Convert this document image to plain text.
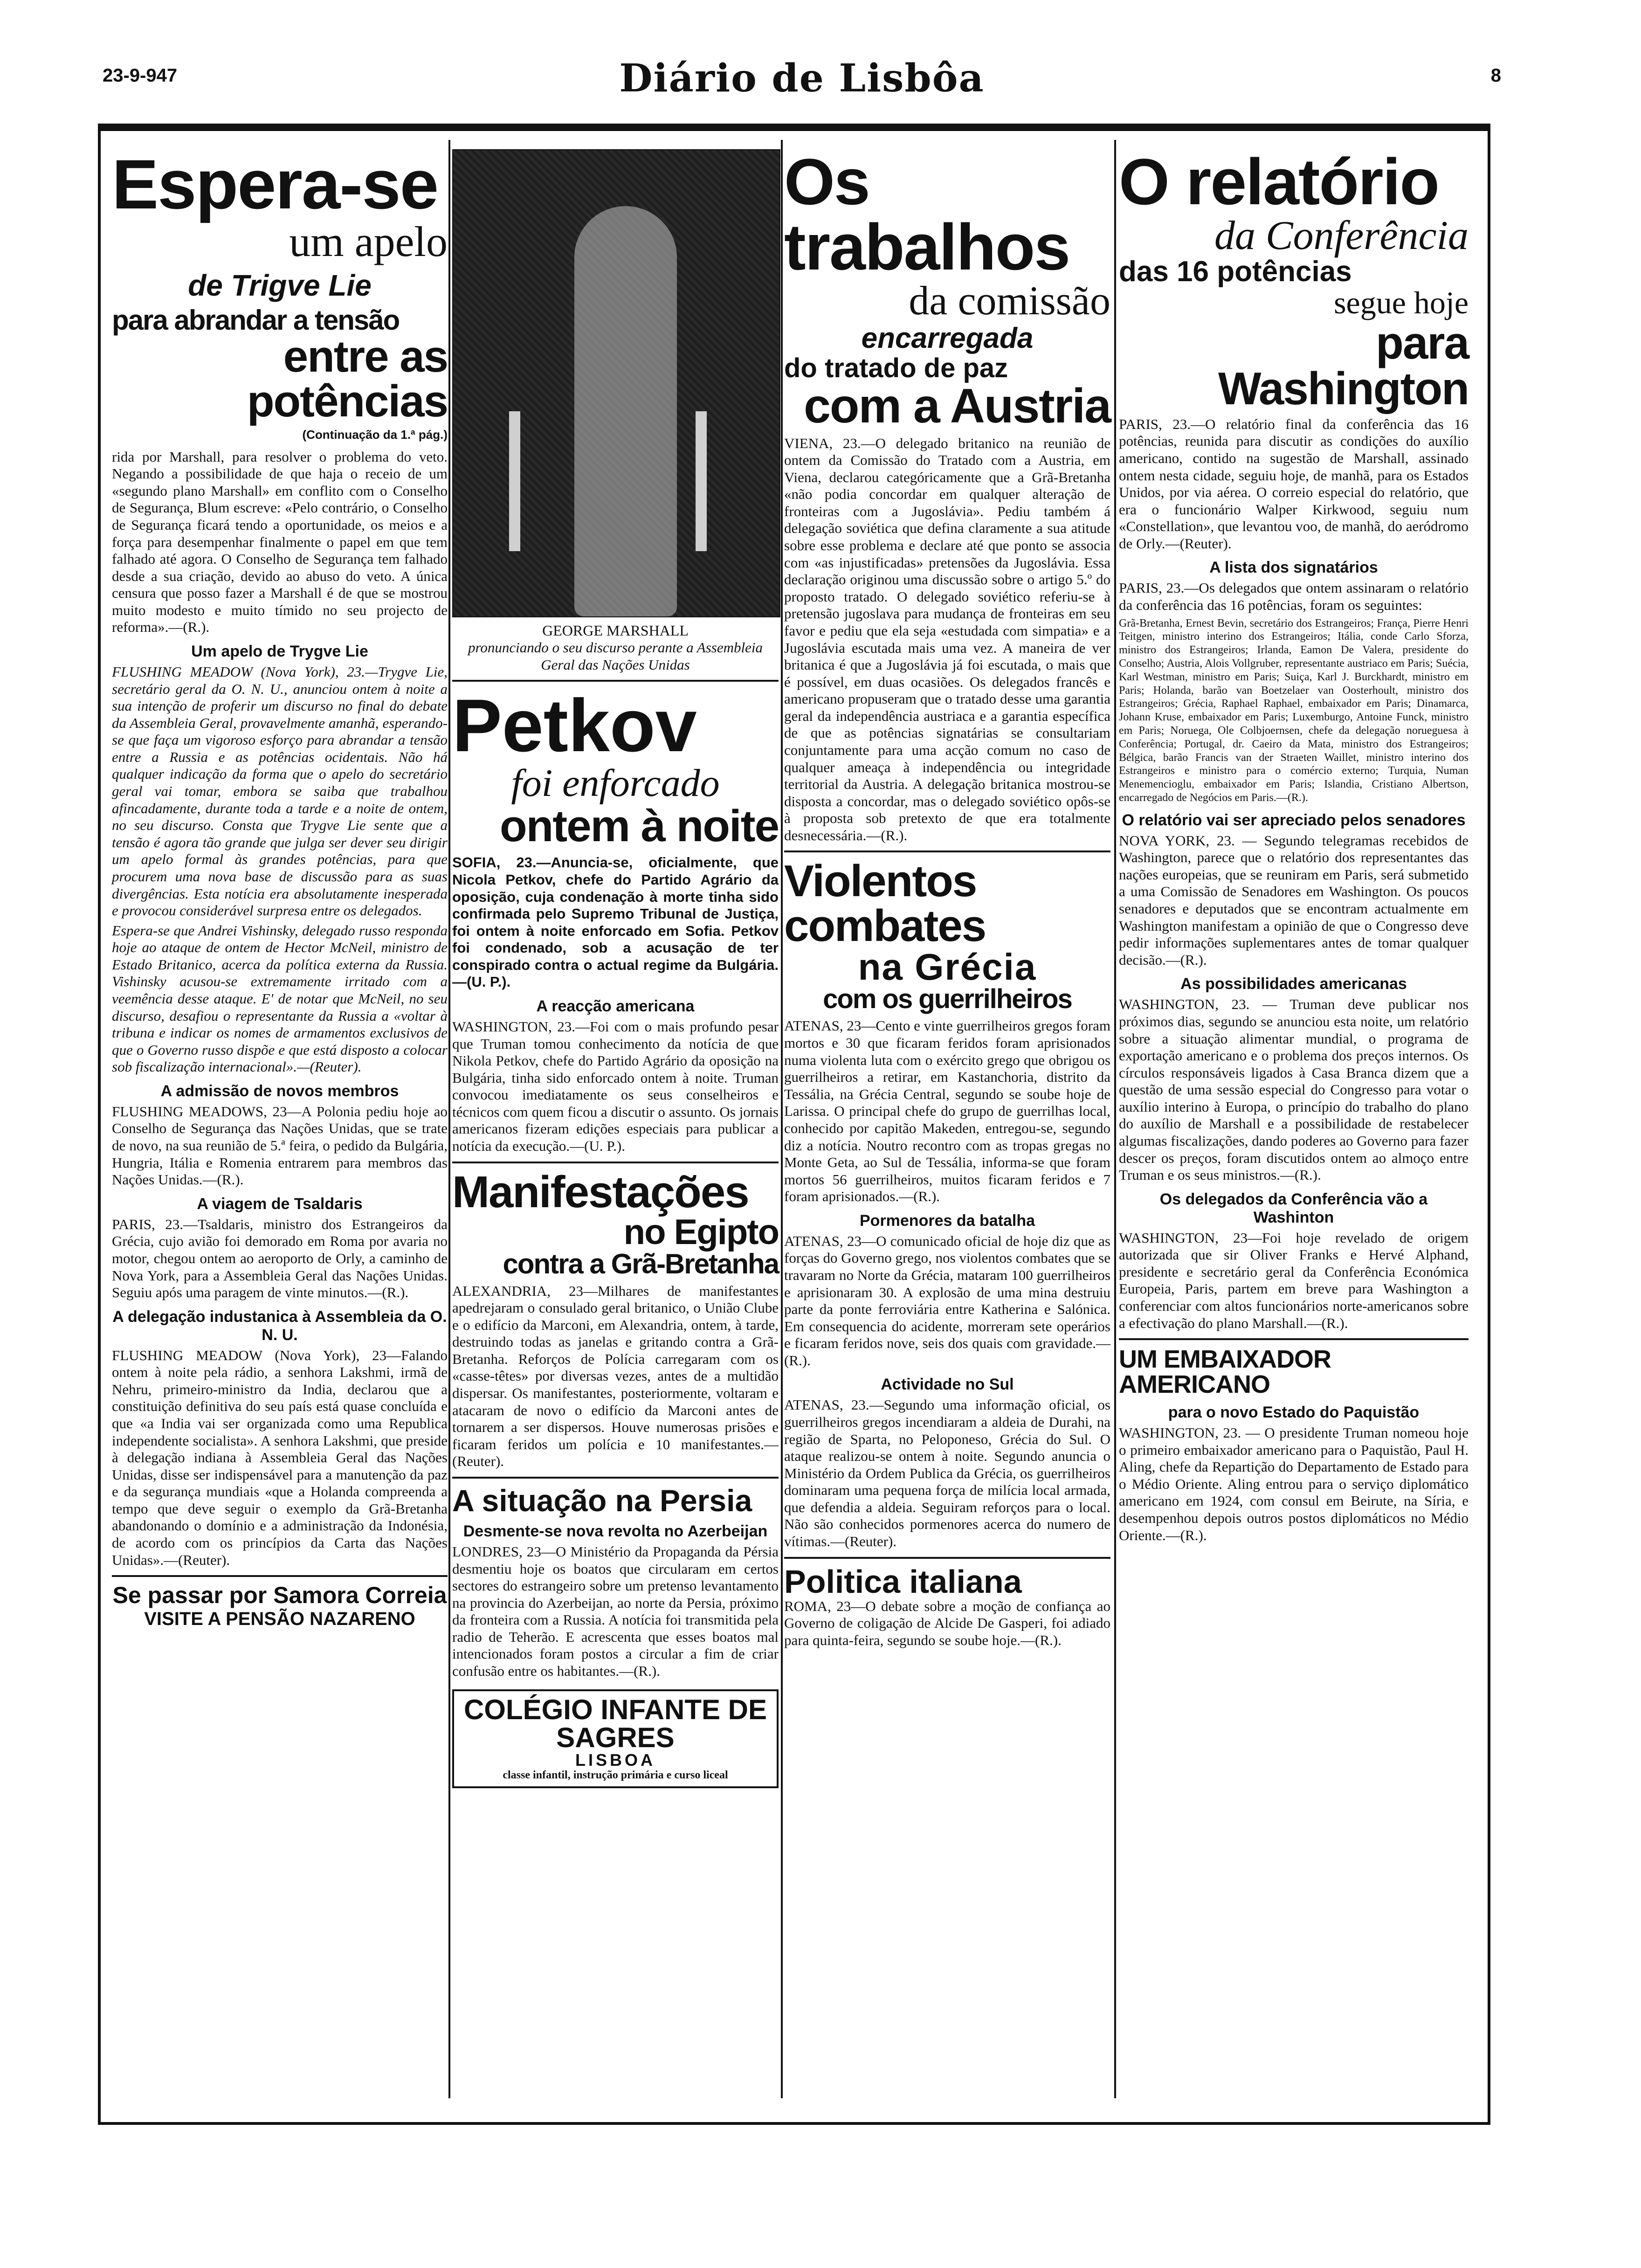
23-9-947	Diário de Lisbôa	8
Espera-se
um apelo
de Trigve Lie
para abrandar a tensão
entre as potências
(Continuação da 1.ª pág.)

rida por Marshall, para resolver o problema do veto. Negando a possibilidade de que haja o receio de um «segundo plano Marshall» em conflito com o Conselho de Segurança, Blum escreve: «Pelo contrário, o Conselho de Segurança ficará tendo a oportunidade, os meios e a força para desempenhar finalmente o papel em que tem falhado até agora. O Conselho de Segurança tem falhado desde a sua criação, devido ao abuso do veto. A única censura que posso fazer a Marshall é de que se mostrou muito modesto e muito tímido no seu projecto de reforma».—(R.).

Um apelo de Trygve Lie

FLUSHING MEADOW (Nova York), 23.—Trygve Lie, secretário geral da O. N. U., anunciou ontem à noite a sua intenção de proferir um discurso no final do debate da Assembleia Geral, provavelmente amanhã, esperando-se que faça um vigoroso esforço para abrandar a tensão entre a Russia e as potências ocidentais. Não há qualquer indicação da forma que o apelo do secretário geral vai tomar, embora se saiba que trabalhou afincadamente, durante toda a tarde e a noite de ontem, no seu discurso. Consta que Trygve Lie sente que a tensão é agora tão grande que julga ser dever seu dirigir um apelo formal às grandes potências, para que procurem uma nova base de discussão para as suas divergências. Esta notícia era absolutamente inesperada e provocou considerável surpresa entre os delegados.

Espera-se que Andrei Vishinsky, delegado russo responda hoje ao ataque de ontem de Hector McNeil, ministro de Estado Britanico, acerca da política externa da Russia. Vishinsky acusou-se extremamente irritado com a veemência desse ataque. E' de notar que McNeil, no seu discurso, desafiou o representante da Russia a «voltar à tribuna e indicar os nomes de armamentos exclusivos de que o Governo russo dispõe e que está disposto a colocar sob fiscalização internacional».—(Reuter).

A admissão de novos membros

FLUSHING MEADOWS, 23—A Polonia pediu hoje ao Conselho de Segurança das Nações Unidas, que se trate de novo, na sua reunião de 5.ª feira, o pedido da Bulgária, Hungria, Itália e Romenia entrarem para membros das Nações Unidas.—(R.).

A viagem de Tsaldaris

PARIS, 23.—Tsaldaris, ministro dos Estrangeiros da Grécia, cujo avião foi demorado em Roma por avaria no motor, chegou ontem ao aeroporto de Orly, a caminho de Nova York, para a Assembleia Geral das Nações Unidas. Seguiu após uma paragem de vinte minutos.—(R.).

A delegação industanica à Assembleia da O. N. U.

FLUSHING MEADOW (Nova York), 23—Falando ontem à noite pela rádio, a senhora Lakshmi, irmã de Nehru, primeiro-ministro da India, declarou que a constituição definitiva do seu país está quase concluída e que «a India vai ser organizada como uma Republica independente socialista». A senhora Lakshmi, que preside à delegação indiana à Assembleia Geral das Nações Unidas, disse ser indispensável para a manutenção da paz e da segurança mundiais «que a Holanda compreenda a tempo que deve seguir o exemplo da Grã-Bretanha abandonando o domínio e a administração da Indonésia, de acordo com os princípios da Carta das Nações Unidas».—(Reuter).

Se passar por Samora Correia
VISITE A PENSÃO NAZARENO
GEORGE MARSHALL
pronunciando o seu discurso perante a Assembleia Geral das Nações Unidas
Petkov
foi enforcado
ontem à noite

SOFIA, 23.—Anuncia-se, oficialmente, que Nicola Petkov, chefe do Partido Agrário da oposição, cuja condenação à morte tinha sido confirmada pelo Supremo Tribunal de Justiça, foi ontem à noite enforcado em Sofia. Petkov foi condenado, sob a acusação de ter conspirado contra o actual regime da Bulgária.—(U. P.).

A reacção americana

WASHINGTON, 23.—Foi com o mais profundo pesar que Truman tomou conhecimento da notícia de que Nikola Petkov, chefe do Partido Agrário da oposição na Bulgária, tinha sido enforcado ontem à noite. Truman convocou imediatamente os seus conselheiros e técnicos com quem ficou a discutir o assunto. Os jornais americanos fizeram edições especiais para publicar a notícia da execução.—(U. P.).

Manifestações
no Egipto
contra a Grã-Bretanha

ALEXANDRIA, 23—Milhares de manifestantes apedrejaram o consulado geral britanico, o União Clube e o edifício da Marconi, em Alexandria, ontem, à tarde, destruindo todas as janelas e gritando contra a Grã-Bretanha. Reforços de Polícia carregaram com os «casse-têtes» por diversas vezes, antes de a multidão dispersar. Os manifestantes, posteriormente, voltaram e atacaram de novo o edifício da Marconi antes de tornarem a ser dispersos. Houve numerosas prisões e ficaram feridos um polícia e 10 manifestantes.—(Reuter).

A situação na Persia
Desmente-se nova revolta no Azerbeijan

LONDRES, 23—O Ministério da Propaganda da Pérsia desmentiu hoje os boatos que circularam em certos sectores do estrangeiro sobre um pretenso levantamento na provincia do Azerbeijan, ao norte da Persia, próximo da fronteira com a Russia. A notícia foi transmitida pela radio de Teherão. E acrescenta que esses boatos mal intencionados foram postos a circular a fim de criar confusão entre os habitantes.—(R.).

COLÉGIO INFANTE DE SAGRES
LISBOA
classe infantil, instrução primária e curso liceal
Os trabalhos
da comissão
encarregada
do tratado de paz
com a Austria

VIENA, 23.—O delegado britanico na reunião de ontem da Comissão do Tratado com a Austria, em Viena, declarou categóricamente que a Grã-Bretanha «não podia concordar em qualquer alteração de fronteiras com a Jugoslávia». Pediu também á delegação soviética que defina claramente a sua atitude sobre esse problema e declare até que ponto se associa com «as injustificadas» pretensões da Jugoslávia. Essa declaração originou uma discussão sobre o artigo 5.º do proposto tratado. O delegado soviético referiu-se à pretensão jugoslava para mudança de fronteiras em seu favor e pediu que ela seja «estudada com simpatia» e a Jugoslávia escutada mais uma vez. A maneira de ver britanica é que a Jugoslávia já foi escutada, o mais que é possível, em duas ocasiões. Os delegados francês e americano propuseram que o tratado desse uma garantia geral da independência austriaca e a garantia específica de que as potências signatárias se consultariam conjuntamente para uma acção comum no caso de qualquer ameaça à independência ou integridade territorial da Austria. A delegação britanica mostrou-se disposta a concordar, mas o delegado soviético opôs-se à proposta sob pretexto de que era totalmente desnecessária.—(R.).

Violentos combates
na Grécia
com os guerrilheiros

ATENAS, 23—Cento e vinte guerrilheiros gregos foram mortos e 30 que ficaram feridos foram aprisionados numa violenta luta com o exército grego que obrigou os guerrilheiros a retirar, em Kastanchoria, distrito da Tessália, na Grécia Central, segundo se soube hoje de Larissa. O principal chefe do grupo de guerrilhas local, conhecido por capitão Makeden, entregou-se, segundo diz a notícia. Noutro recontro com as tropas gregas no Monte Geta, ao Sul de Tessália, informa-se que foram mortos 56 guerrilheiros, muitos ficaram feridos e 7 foram aprisionados.—(R.).

Pormenores da batalha

ATENAS, 23—O comunicado oficial de hoje diz que as forças do Governo grego, nos violentos combates que se travaram no Norte da Grécia, mataram 100 guerrilheiros e aprisionaram 30. A explosão de uma mina destruiu parte da ponte ferroviária entre Katherina e Salónica. Em consequencia do acidente, morreram sete operários e ficaram feridos nove, seis dos quais com gravidade.—(R.).

Actividade no Sul

ATENAS, 23.—Segundo uma informação oficial, os guerrilheiros gregos incendiaram a aldeia de Durahi, na região de Sparta, no Peloponeso, Grécia do Sul. O ataque realizou-se ontem à noite. Segundo anuncia o Ministério da Ordem Publica da Grécia, os guerrilheiros dominaram uma pequena força de milícia local armada, que defendia a aldeia. Seguiram reforços para o local. Não são conhecidos pormenores acerca do numero de vítimas.—(Reuter).

Politica italiana

ROMA, 23—O debate sobre a moção de confiança ao Governo de coligação de Alcide De Gasperi, foi adiado para quinta-feira, segundo se soube hoje.—(R.).

O relatório
da Conferência
das 16 potências
segue hoje
para Washington

PARIS, 23.—O relatório final da conferência das 16 potências, reunida para discutir as condições do auxílio americano, contido na sugestão de Marshall, assinado ontem nesta cidade, seguiu hoje, de manhã, para os Estados Unidos, por via aérea. O correio especial do relatório, que era o funcionário Walper Kirkwood, seguiu num «Constellation», que levantou voo, de manhã, do aeródromo de Orly.—(Reuter).

A lista dos signatários

PARIS, 23.—Os delegados que ontem assinaram o relatório da conferência das 16 potências, foram os seguintes:

Grã-Bretanha, Ernest Bevin, secretário dos Estrangeiros; França, Pierre Henri Teitgen, ministro interino dos Estrangeiros; Itália, conde Carlo Sforza, ministro dos Estrangeiros; Irlanda, Eamon De Valera, presidente do Conselho; Austria, Alois Vollgruber, representante austriaco em Paris; Suécia, Karl Westman, ministro em Paris; Suiça, Karl J. Burckhardt, ministro em Paris; Holanda, barão van Boetzelaer van Oosterhoult, ministro dos Estrangeiros; Grécia, Raphael Raphael, embaixador em Paris; Dinamarca, Johann Kruse, embaixador em Paris; Luxemburgo, Antoine Funck, ministro em Paris; Noruega, Ole Colbjoernsen, chefe da delegação norueguesa à Conferência; Portugal, dr. Caeiro da Mata, ministro dos Estrangeiros; Bélgica, barão Francis van der Straeten Waillet, ministro interino dos Estrangeiros e ministro para o comércio externo; Turquia, Numan Menemencioglu, embaixador em Paris; Islandia, Cristiano Albertson, encarregado de Negócios em Paris.—(R.).

O relatório vai ser apreciado pelos senadores

NOVA YORK, 23. — Segundo telegramas recebidos de Washington, parece que o relatório dos representantes das nações europeias, que se reuniram em Paris, será submetido a uma Comissão de Senadores em Washington. Os poucos senadores e deputados que se encontram actualmente em Washington manifestam a opinião de que o Congresso deve pedir informações suplementares antes de tomar qualquer decisão.—(R.).

As possibilidades americanas

WASHINGTON, 23. — Truman deve publicar nos próximos dias, segundo se anunciou esta noite, um relatório sobre a situação alimentar mundial, o programa de exportação americano e o problema dos preços internos. Os círculos responsáveis ligados à Casa Branca dizem que a questão de uma sessão especial do Congresso para votar o auxílio interino à Europa, o princípio do trabalho do plano do auxílio de Marshall e a possibilidade de restabelecer algumas fiscalizações, dando poderes ao Governo para fazer descer os preços, foram discutidos ontem ao almoço entre Truman e os seus ministros.—(R.).

Os delegados da Conferência vão a Washinton

WASHINGTON, 23—Foi hoje revelado de origem autorizada que sir Oliver Franks e Hervé Alphand, presidente e secretário geral da Conferência Económica Europeia, Paris, partem em breve para Washington a conferenciar com altos funcionários norte-americanos sobre a efectivação do plano Marshall.—(R.).

UM EMBAIXADOR AMERICANO
para o novo Estado do Paquistão

WASHINGTON, 23. — O presidente Truman nomeou hoje o primeiro embaixador americano para o Paquistão, Paul H. Aling, chefe da Repartição do Departamento de Estado para o Médio Oriente. Aling entrou para o serviço diplomático americano em 1924, com consul em Beirute, na Síria, e desempenhou depois outros postos diplomáticos no Médio Oriente.—(R.).
